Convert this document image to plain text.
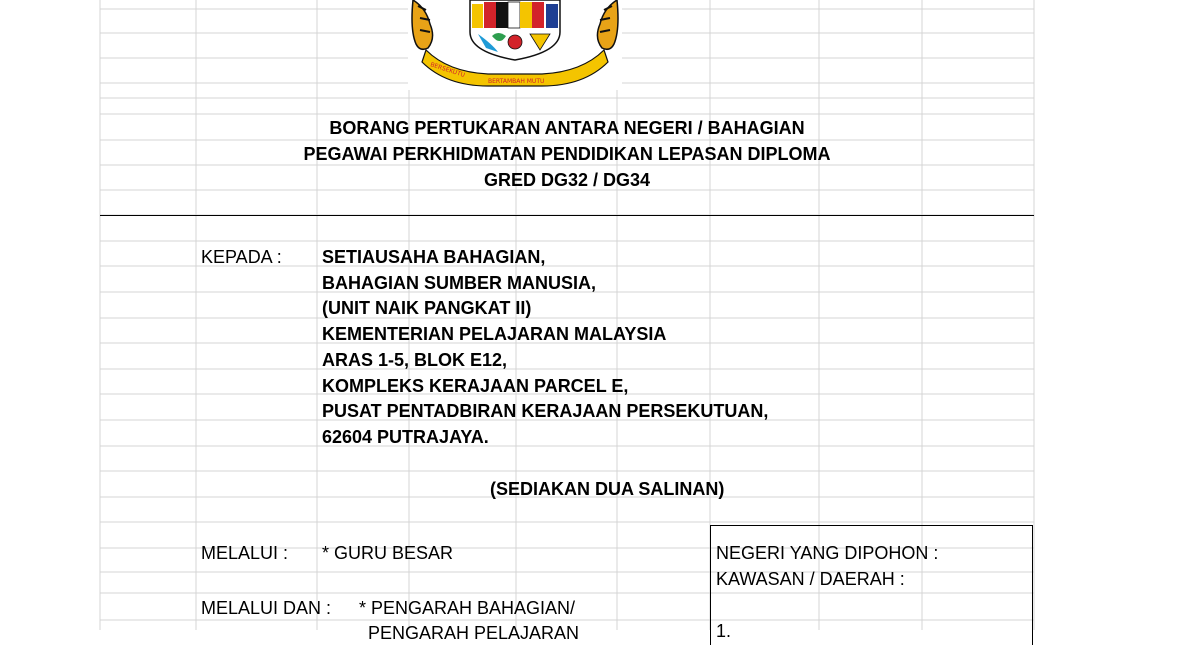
BERSEKUTU
BERTAMBAH MUTU
BORANG PERTUKARAN ANTARA NEGERI / BAHAGIAN
PEGAWAI PERKHIDMATAN PENDIDIKAN LEPASAN DIPLOMA
GRED DG32 / DG34
KEPADA : SETIAUSAHA BAHAGIAN,
BAHAGIAN SUMBER MANUSIA,
(UNIT NAIK PANGKAT II)
KEMENTERIAN PELAJARAN MALAYSIA
ARAS 1-5, BLOK E12,
KOMPLEKS KERAJAAN PARCEL E,
PUSAT PENTADBIRAN KERAJAAN PERSEKUTUAN,
62604 PUTRAJAYA.
(SEDIAKAN DUA SALINAN)
MELALUI : * GURU BESAR
MELALUI DAN : * PENGARAH BAHAGIAN/
PENGARAH PELAJARAN
NEGERI YANG DIPOHON :
KAWASAN / DAERAH :
1.
